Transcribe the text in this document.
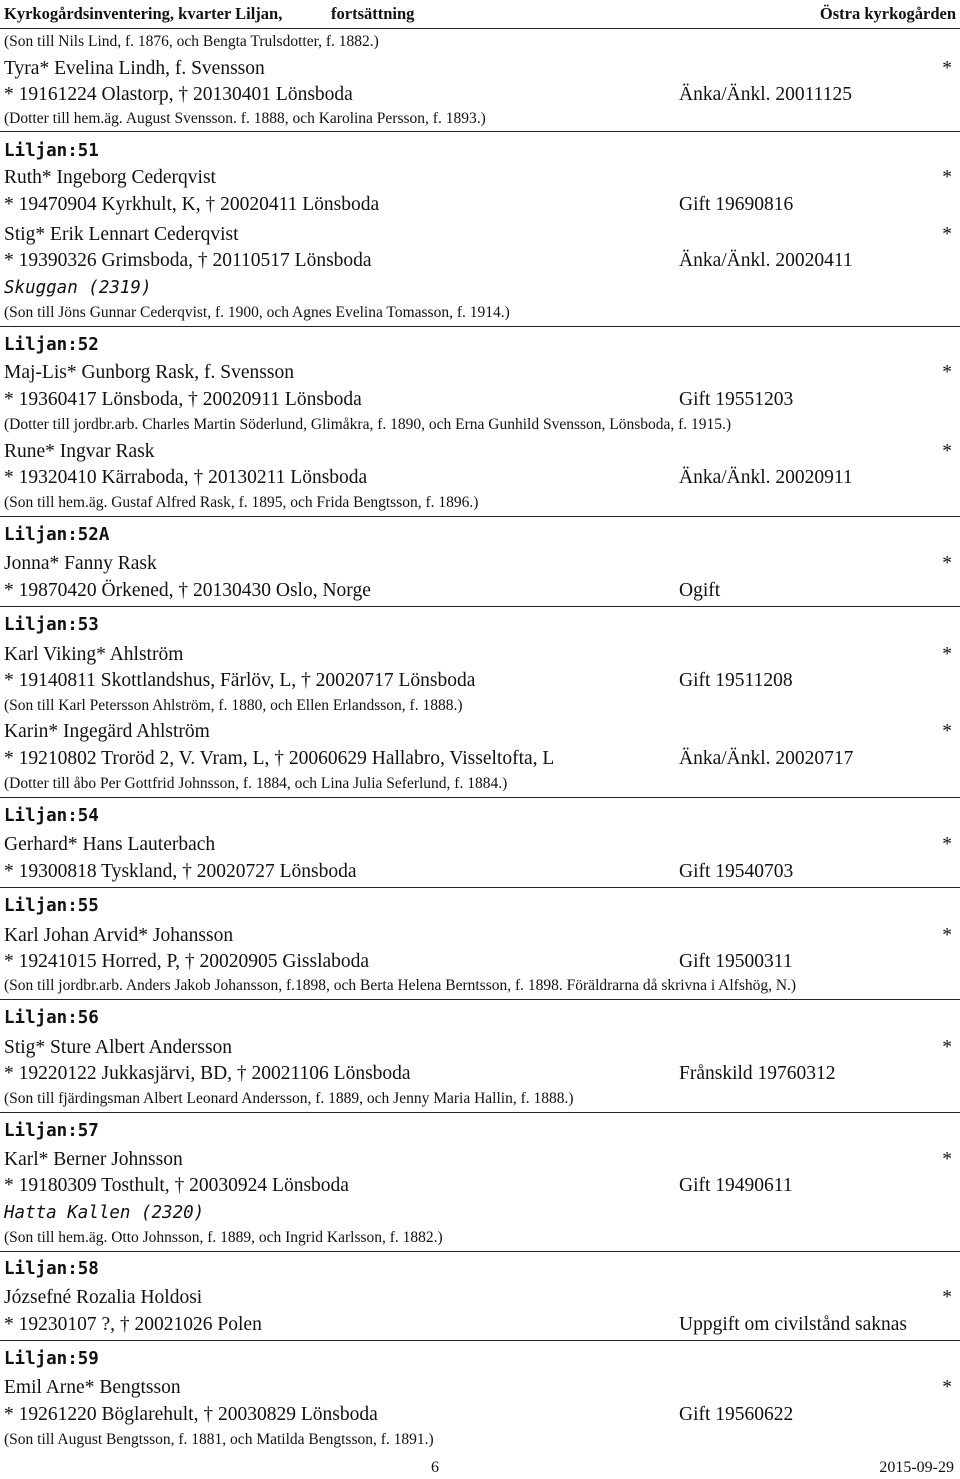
Kyrkogårdsinventering, kvarter Liljan,	fortsättning	Östra kyrkogården
(Son till Nils Lind, f. 1876, och Bengta Trulsdotter, f. 1882.)
Tyra* Evelina Lindh, f. Svensson	*
* 19161224 Olastorp, † 20130401 Lönsboda	Änka/Änkl. 20011125
(Dotter till hem.äg. August Svensson. f. 1888, och Karolina Persson, f. 1893.)
Liljan:51
Ruth* Ingeborg Cederqvist	*
* 19470904 Kyrkhult, K, † 20020411 Lönsboda	Gift 19690816
Stig* Erik Lennart Cederqvist	*
* 19390326 Grimsboda, † 20110517 Lönsboda	Änka/Änkl. 20020411
Skuggan (2319)
(Son till Jöns Gunnar Cederqvist, f. 1900, och Agnes Evelina Tomasson, f. 1914.)
Liljan:52
Maj-Lis* Gunborg Rask, f. Svensson	*
* 19360417 Lönsboda, † 20020911 Lönsboda	Gift 19551203
(Dotter till jordbr.arb. Charles Martin Söderlund, Glimåkra, f. 1890, och Erna Gunhild Svensson, Lönsboda, f. 1915.)
Rune* Ingvar Rask	*
* 19320410 Kärraboda, † 20130211 Lönsboda	Änka/Änkl. 20020911
(Son till hem.äg. Gustaf Alfred Rask, f. 1895, och Frida Bengtsson, f. 1896.)
Liljan:52A
Jonna* Fanny Rask	*
* 19870420 Örkened, † 20130430 Oslo, Norge	Ogift
Liljan:53
Karl Viking* Ahlström	*
* 19140811 Skottlandshus, Färlöv, L, † 20020717 Lönsboda	Gift 19511208
(Son till Karl Petersson Ahlström, f. 1880, och Ellen Erlandsson, f. 1888.)
Karin* Ingegärd Ahlström	*
* 19210802 Troröd 2, V. Vram, L, † 20060629 Hallabro, Visseltofta, L	Änka/Änkl. 20020717
(Dotter till åbo Per Gottfrid Johnsson, f. 1884, och Lina Julia Seferlund, f. 1884.)
Liljan:54
Gerhard* Hans Lauterbach	*
* 19300818 Tyskland, † 20020727 Lönsboda	Gift 19540703
Liljan:55
Karl Johan Arvid* Johansson	*
* 19241015 Horred, P, † 20020905 Gisslaboda	Gift 19500311
(Son till jordbr.arb. Anders Jakob Johansson, f.1898, och Berta Helena Berntsson, f. 1898. Föräldrarna då skrivna i Alfshög, N.)
Liljan:56
Stig* Sture Albert Andersson	*
* 19220122 Jukkasjärvi, BD, † 20021106 Lönsboda	Frånskild 19760312
(Son till fjärdingsman Albert Leonard Andersson, f. 1889, och Jenny Maria Hallin, f. 1888.)
Liljan:57
Karl* Berner Johnsson	*
* 19180309 Tosthult, † 20030924 Lönsboda	Gift 19490611
Hatta Kallen (2320)
(Son till hem.äg. Otto Johnsson, f. 1889, och Ingrid Karlsson, f. 1882.)
Liljan:58
Józsefné Rozalia Holdosi	*
* 19230107 ?, † 20021026 Polen	Uppgift om civilstånd saknas
Liljan:59
Emil Arne* Bengtsson	*
* 19261220 Böglarehult, † 20030829 Lönsboda	Gift 19560622
(Son till August Bengtsson, f. 1881, och Matilda Bengtsson, f. 1891.)
6	2015-09-29
